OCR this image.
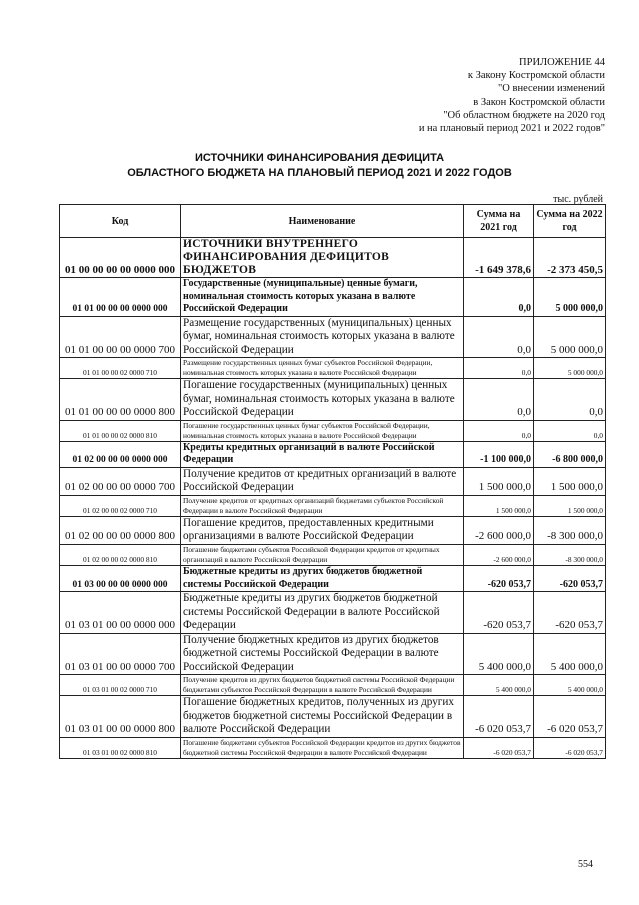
ПРИЛОЖЕНИЕ 44
к Закону Костромской области
"О внесении изменений
в Закон Костромской области
"Об областном бюджете на 2020 год
и на плановый период 2021 и 2022 годов"
ИСТОЧНИКИ ФИНАНСИРОВАНИЯ ДЕФИЦИТА
ОБЛАСТНОГО БЮДЖЕТА НА ПЛАНОВЫЙ ПЕРИОД 2021 И 2022 ГОДОВ
тыс. рублей
Код	Наименование	Сумма на 2021 год	Сумма на 2022 год
01 00 00 00 00 0000 000	ИСТОЧНИКИ ВНУТРЕННЕГО ФИНАНСИРОВАНИЯ ДЕФИЦИТОВ БЮДЖЕТОВ	-1 649 378,6	-2 373 450,5
01 01 00 00 00 0000 000	Государственные (муниципальные) ценные бумаги, номинальная стоимость которых указана в валюте Российской Федерации	0,0	5 000 000,0
01 01 00 00 00 0000 700	Размещение государственных (муниципальных) ценных бумаг, номинальная стоимость которых указана в валюте Российской Федерации	0,0	5 000 000,0
01 01 00 00 02 0000 710	Размещение государственных ценных бумаг субъектов Российской Федерации, номинальная стоимость которых указана в валюте Российской Федерации	0,0	5 000 000,0
01 01 00 00 00 0000 800	Погашение государственных (муниципальных) ценных бумаг, номинальная стоимость которых указана в валюте Российской Федерации	0,0	0,0
01 01 00 00 02 0000 810	Погашение государственных ценных бумаг субъектов Российской Федерации, номинальная стоимость которых указана в валюте Российской Федерации	0,0	0,0
01 02 00 00 00 0000 000	Кредиты кредитных организаций в валюте Российской Федерации	-1 100 000,0	-6 800 000,0
01 02 00 00 00 0000 700	Получение кредитов от кредитных организаций в валюте Российской Федерации	1 500 000,0	1 500 000,0
01 02 00 00 02 0000 710	Получение кредитов от кредитных организаций бюджетами субъектов Российской Федерации в валюте Российской Федерации	1 500 000,0	1 500 000,0
01 02 00 00 00 0000 800	Погашение кредитов, предоставленных кредитными организациями в валюте Российской Федерации	-2 600 000,0	-8 300 000,0
01 02 00 00 02 0000 810	Погашение бюджетами субъектов Российской Федерации кредитов от кредитных организаций в валюте Российской Федерации	-2 600 000,0	-8 300 000,0
01 03 00 00 00 0000 000	Бюджетные кредиты из других бюджетов бюджетной системы Российской Федерации	-620 053,7	-620 053,7
01 03 01 00 00 0000 000	Бюджетные кредиты из других бюджетов бюджетной системы Российской Федерации в валюте Российской Федерации	-620 053,7	-620 053,7
01 03 01 00 00 0000 700	Получение бюджетных кредитов из других бюджетов бюджетной системы Российской Федерации в валюте Российской Федерации	5 400 000,0	5 400 000,0
01 03 01 00 02 0000 710	Получение кредитов из других бюджетов бюджетной системы Российской Федерации бюджетами субъектов Российской Федерации в валюте Российской Федерации	5 400 000,0	5 400 000,0
01 03 01 00 00 0000 800	Погашение бюджетных кредитов, полученных из других бюджетов бюджетной системы Российской Федерации в валюте Российской Федерации	-6 020 053,7	-6 020 053,7
01 03 01 00 02 0000 810	Погашение бюджетами субъектов Российской Федерации кредитов из других бюджетов бюджетной системы Российской Федерации в валюте Российской Федерации	-6 020 053,7	-6 020 053,7
554
